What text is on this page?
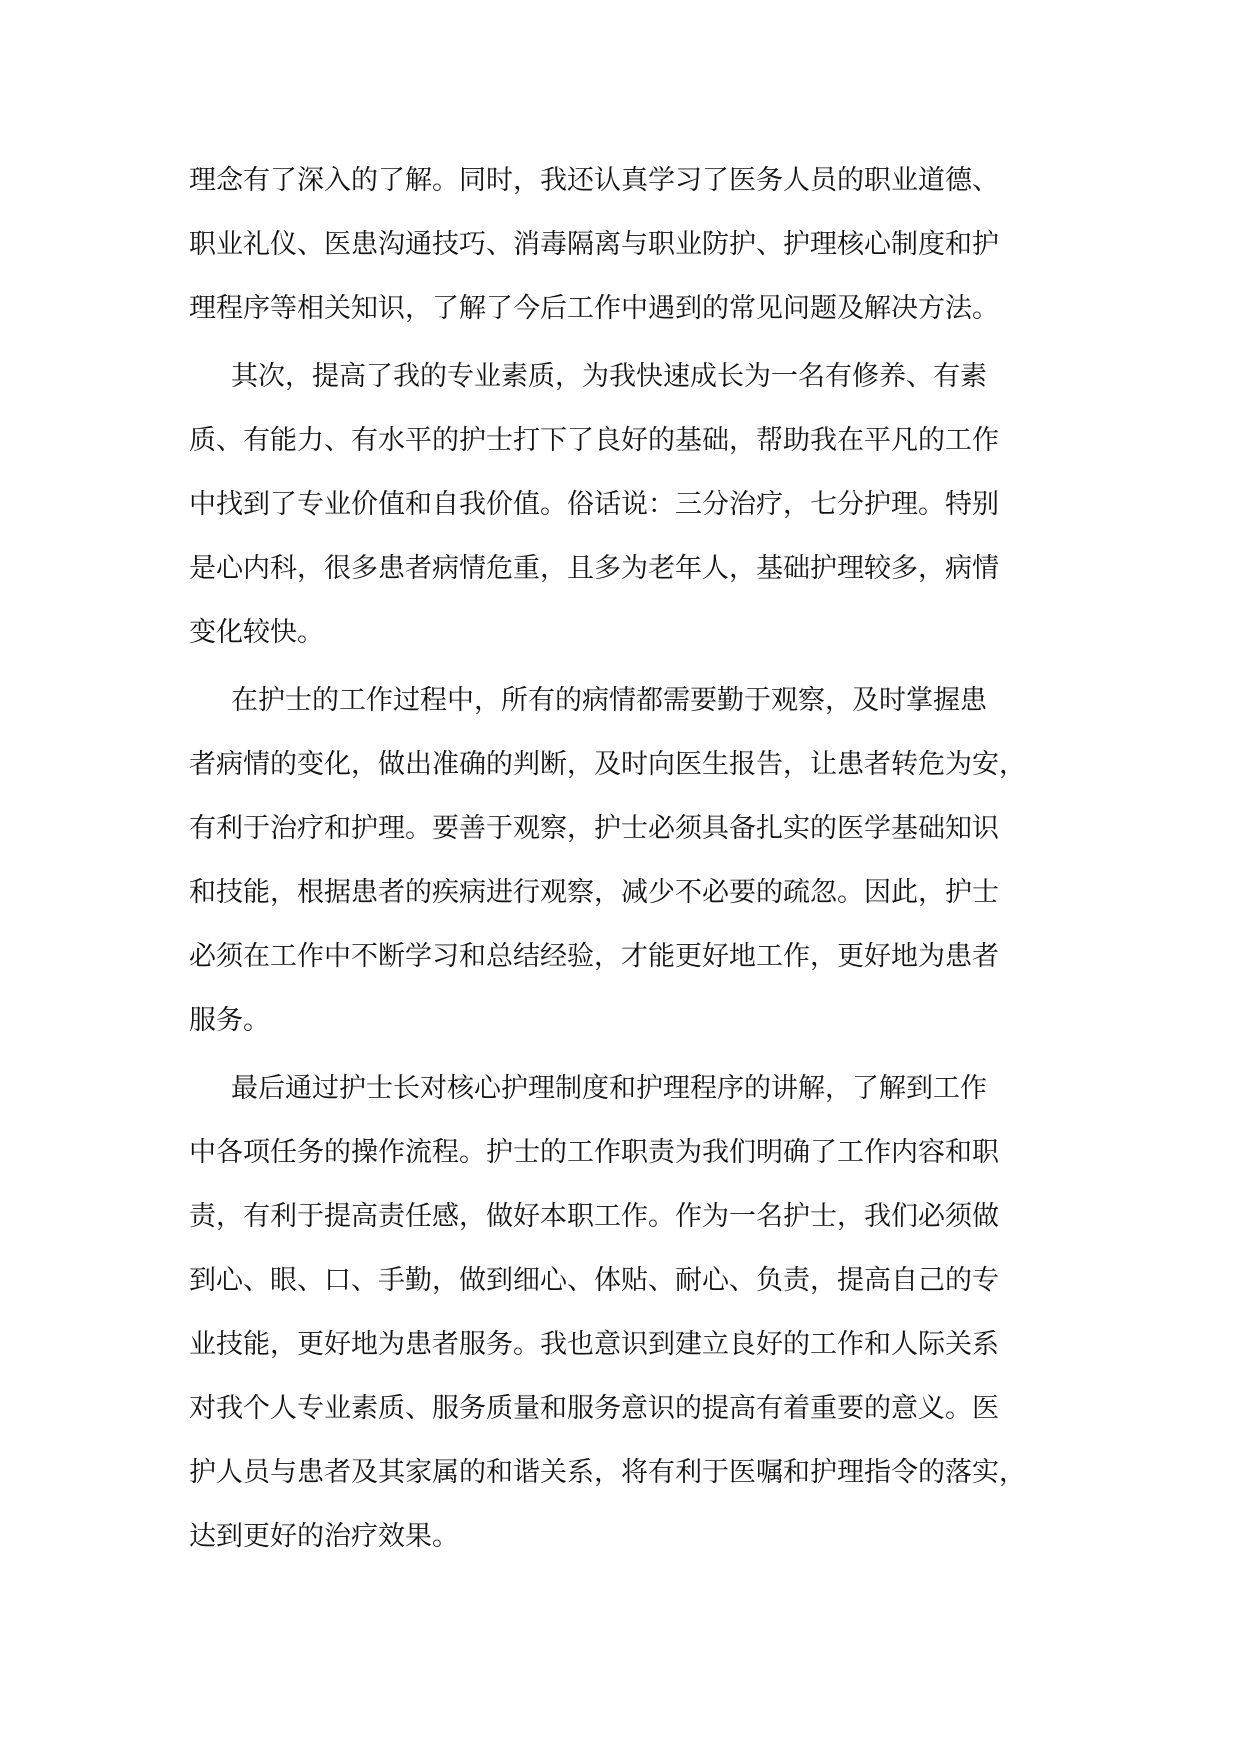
理念有了深入的了解。同时，我还认真学习了医务人员的职业道德、
职业礼仪、医患沟通技巧、消毒隔离与职业防护、护理核心制度和护
理程序等相关知识，了解了今后工作中遇到的常见问题及解决方法。
其次，提高了我的专业素质，为我快速成长为一名有修养、有素
质、有能力、有水平的护士打下了良好的基础，帮助我在平凡的工作
中找到了专业价值和自我价值。俗话说：三分治疗，七分护理。特别
是心内科，很多患者病情危重，且多为老年人，基础护理较多，病情
变化较快。
在护士的工作过程中，所有的病情都需要勤于观察，及时掌握患
者病情的变化，做出准确的判断，及时向医生报告，让患者转危为安，
有利于治疗和护理。要善于观察，护士必须具备扎实的医学基础知识
和技能，根据患者的疾病进行观察，减少不必要的疏忽。因此，护士
必须在工作中不断学习和总结经验，才能更好地工作，更好地为患者
服务。
最后通过护士长对核心护理制度和护理程序的讲解，了解到工作
中各项任务的操作流程。护士的工作职责为我们明确了工作内容和职
责，有利于提高责任感，做好本职工作。作为一名护士，我们必须做
到心、眼、口、手勤，做到细心、体贴、耐心、负责，提高自己的专
业技能，更好地为患者服务。我也意识到建立良好的工作和人际关系
对我个人专业素质、服务质量和服务意识的提高有着重要的意义。医
护人员与患者及其家属的和谐关系，将有利于医嘱和护理指令的落实，
达到更好的治疗效果。
